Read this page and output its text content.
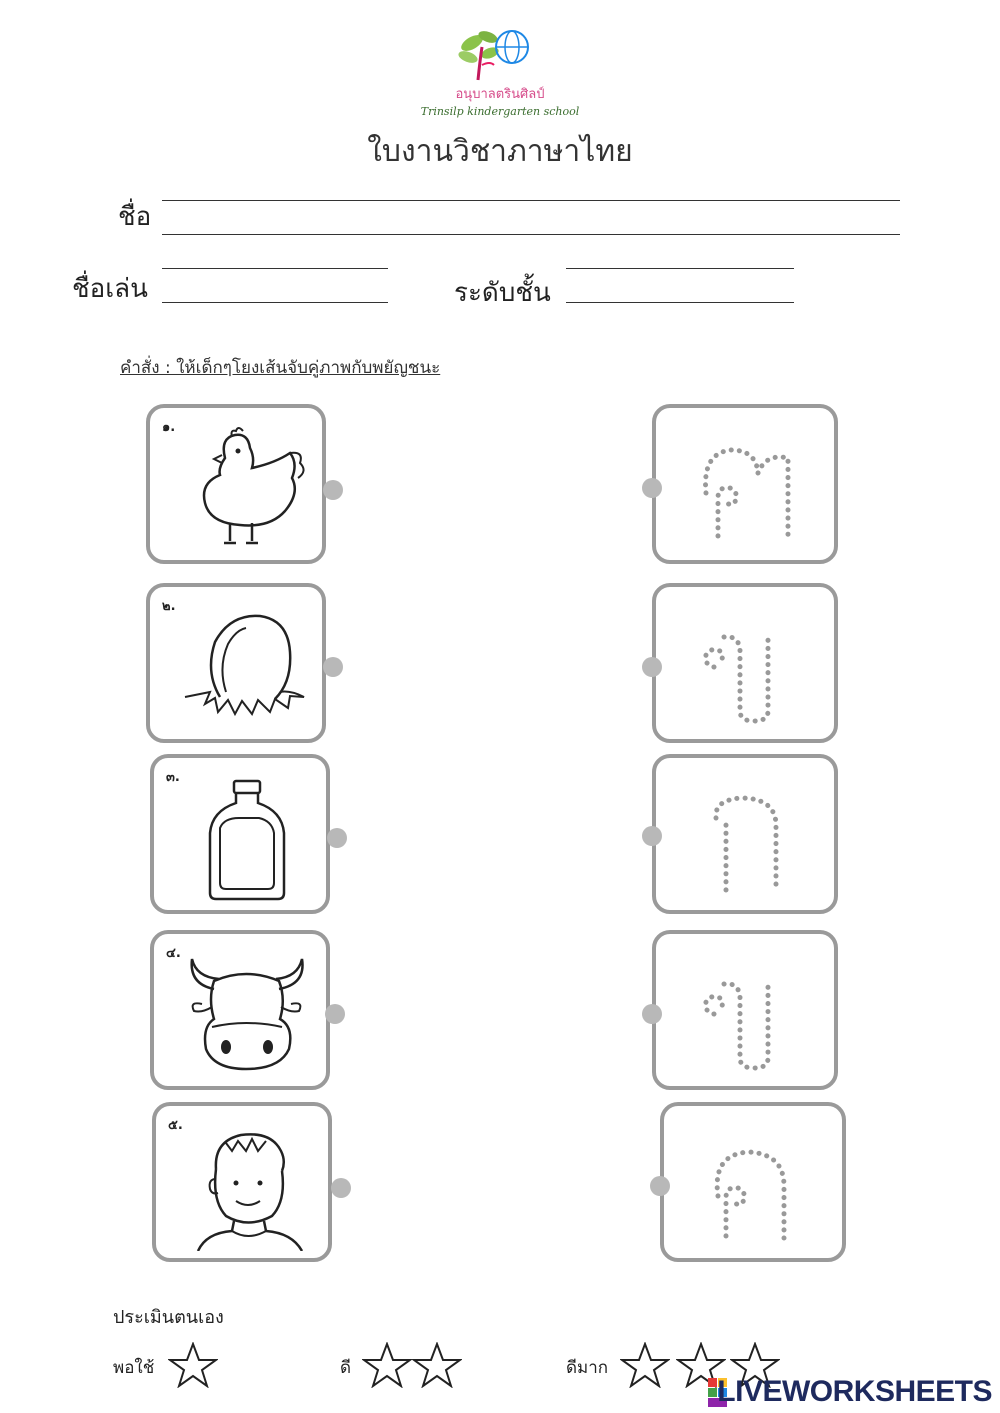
อนุบาลตรินศิลป์
Trinsilp kindergarten school
ใบงานวิชาภาษาไทย
ชื่อ
ชื่อเล่น	ระดับชั้น
คำสั่ง : ให้เด็กๆโยงเส้นจับคู่ภาพกับพยัญชนะ
๑.
๒.
๓.
๔.
๕.
ประเมินตนเอง
พอใช้	ดี	ดีมาก
LIVEWORKSHEETS
